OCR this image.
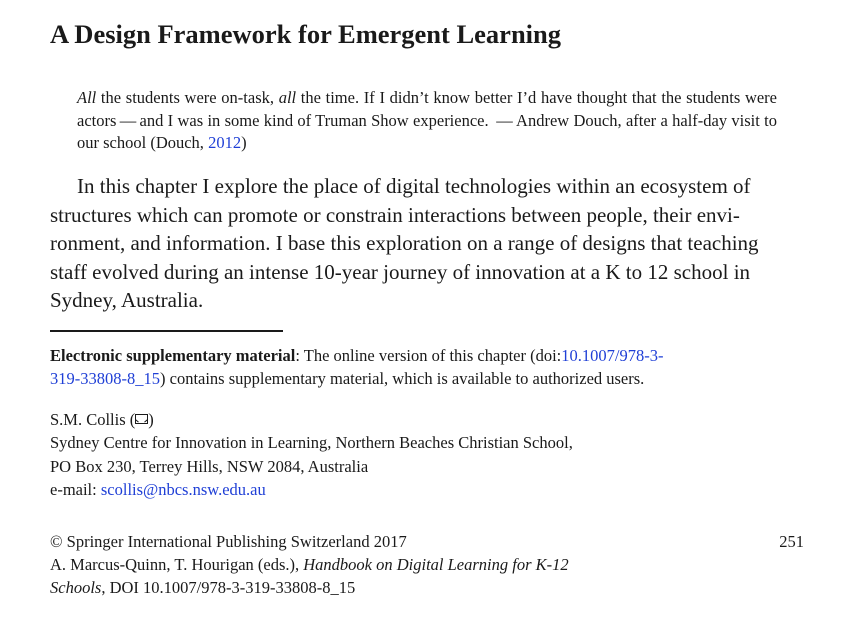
A Design Framework for Emergent Learning
All the students were on-task, all the time. If I didn’t know better I’d have thought that the students were actors — and I was in some kind of Truman Show experience.  — Andrew Douch, after a half-day visit to our school (Douch, 2012)
In this chapter I explore the place of digital technologies within an ecosystem of
structures which can promote or constrain interactions between people, their envi-
ronment, and information. I base this exploration on a range of designs that teaching
staff evolved during an intense 10-year journey of innovation at a K to 12 school in
Sydney, Australia.
Electronic supplementary material: The online version of this chapter (doi:10.1007/978-3-
319-33808-8_15) contains supplementary material, which is available to authorized users.
S.M. Collis ( )
Sydney Centre for Innovation in Learning, Northern Beaches Christian School,
PO Box 230, Terrey Hills, NSW 2084, Australia
e-mail: scollis@nbcs.nsw.edu.au
© Springer International Publishing Switzerland 2017
A. Marcus-Quinn, T. Hourigan (eds.), Handbook on Digital Learning for K-12
Schools, DOI 10.1007/978-3-319-33808-8_15
251
